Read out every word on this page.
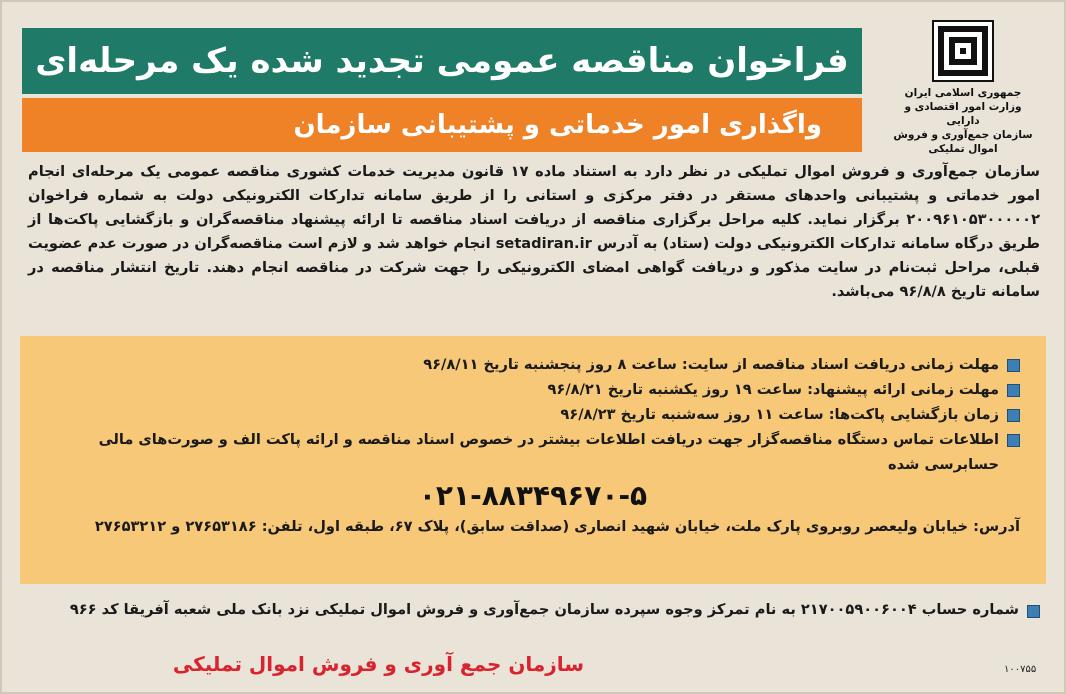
جمهوری اسلامی ایران
وزارت امور اقتصادی و دارایی
سازمان جمع‌آوری و فروش
اموال تملیکی
فراخوان مناقصه عمومی تجدید شده یک مرحله‌ای
واگذاری امور خدماتی و پشتیبانی سازمان
سازمان جمع‌آوری و فروش اموال تملیکی در نظر دارد به استناد ماده ۱۷ قانون مدیریت خدمات کشوری مناقصه عمومی یک مرحله‌ای انجام امور خدماتی و پشتیبانی واحدهای مستقر در دفتر مرکزی و استانی را از طریق سامانه تدارکات الکترونیکی دولت به شماره فراخوان ۲۰۰۹۶۱۰۵۳۰۰۰۰۰۲ برگزار نماید. کلیه مراحل برگزاری مناقصه از دریافت اسناد مناقصه تا ارائه پیشنهاد مناقصه‌گران و بازگشایی پاکت‌ها از طریق درگاه سامانه تدارکات الکترونیکی دولت (ستاد) به آدرس setadiran.ir انجام خواهد شد و لازم است مناقصه‌گران در صورت عدم عضویت قبلی، مراحل ثبت‌نام در سایت مذکور و دریافت گواهی امضای الکترونیکی را جهت شرکت در مناقصه انجام دهند. تاریخ انتشار مناقصه در سامانه تاریخ ۹۶/۸/۸ می‌باشد.
مهلت زمانی دریافت اسناد مناقصه از سایت: ساعت ۸ روز پنجشنبه تاریخ ۹۶/۸/۱۱
مهلت زمانی ارائه پیشنهاد: ساعت ۱۹ روز یکشنبه تاریخ ۹۶/۸/۲۱
زمان بازگشایی پاکت‌ها: ساعت ۱۱ روز سه‌شنبه تاریخ ۹۶/۸/۲۳
اطلاعات تماس دستگاه مناقصه‌گزار جهت دریافت اطلاعات بیشتر در خصوص اسناد مناقصه و ارائه پاکت الف و صورت‌های مالی حسابرسی شده
۰۲۱-۸۸۳۴۹۶۷۰-۵
آدرس: خیابان ولیعصر روبروی پارک ملت، خیابان شهید انصاری (صداقت سابق)، پلاک ۶۷، طبقه اول، تلفن: ۲۷۶۵۳۱۸۶ و ۲۷۶۵۳۲۱۲
شماره حساب ۲۱۷۰۰۵۹۰۰۶۰۰۴ به نام تمرکز وجوه سپرده سازمان جمع‌آوری و فروش اموال تملیکی نزد بانک ملی شعبه آفریقا کد ۹۶۶
سازمان جمع آوری و فروش اموال تملیکی	۱۰۰۷۵۵
